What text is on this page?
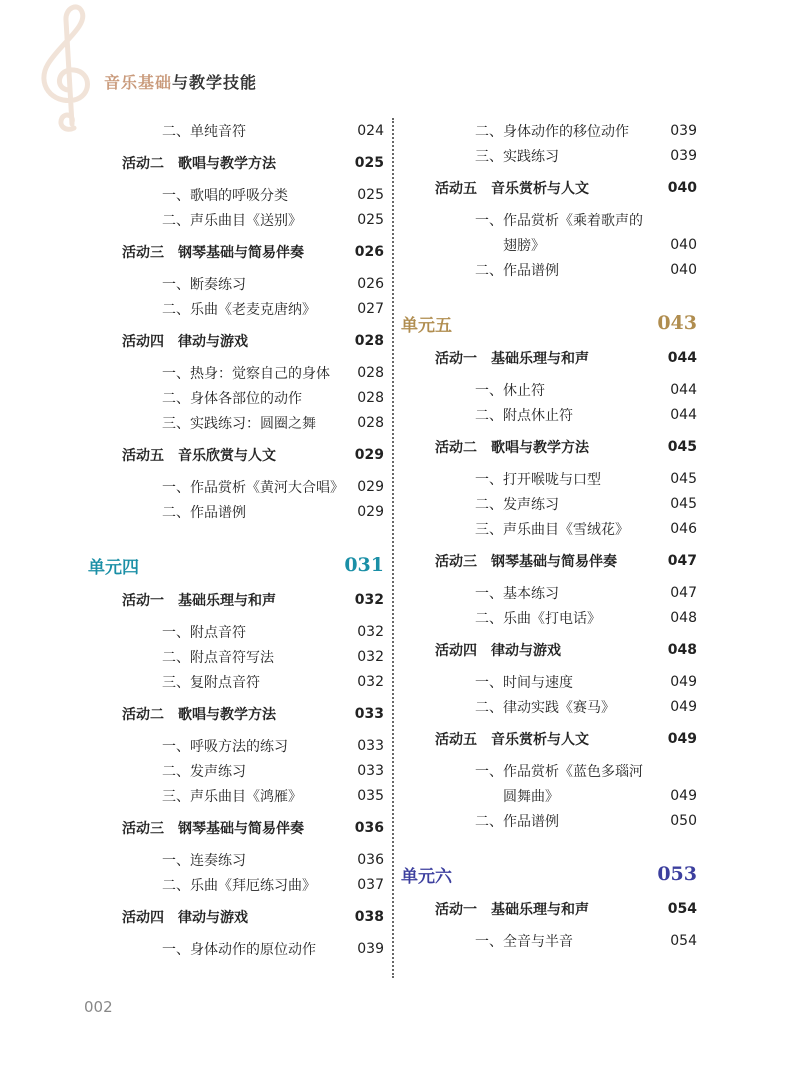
音乐基础与教学技能
二、单纯音符	024
活动二 歌唱与教学方法	025
一、歌唱的呼吸分类	025
二、声乐曲目《送别》	025
活动三 钢琴基础与简易伴奏	026
一、断奏练习	026
二、乐曲《老麦克唐纳》	027
活动四 律动与游戏	028
一、热身：觉察自己的身体 028
二、身体各部位的动作	028
三、实践练习：圆圈之舞	028
活动五 音乐欣赏与人文	029
一、作品赏析《黄河大合唱》 029
二、作品谱例	029
单元四	031
活动一 基础乐理与和声	032
一、附点音符	032
二、附点音符写法	032
三、复附点音符	032
活动二 歌唱与教学方法	033
一、呼吸方法的练习	033
二、发声练习	033
三、声乐曲目《鸿雁》	035
活动三 钢琴基础与简易伴奏	036
一、连奏练习	036
二、乐曲《拜厄练习曲》	037
活动四 律动与游戏	038
一、身体动作的原位动作	039
二、身体动作的移位动作	039
三、实践练习	039
活动五 音乐赏析与人文	040
一、作品赏析《乘着歌声的
翅膀》	040
二、作品谱例	040
单元五	043
活动一 基础乐理与和声	044
一、休止符	044
二、附点休止符	044
活动二 歌唱与教学方法	045
一、打开喉咙与口型	045
二、发声练习	045
三、声乐曲目《雪绒花》	046
活动三 钢琴基础与简易伴奏	047
一、基本练习	047
二、乐曲《打电话》	048
活动四 律动与游戏	048
一、时间与速度	049
二、律动实践《赛马》	049
活动五 音乐赏析与人文	049
一、作品赏析《蓝色多瑙河
圆舞曲》	049
二、作品谱例	050
单元六	053
活动一 基础乐理与和声	054
一、全音与半音	054
002
